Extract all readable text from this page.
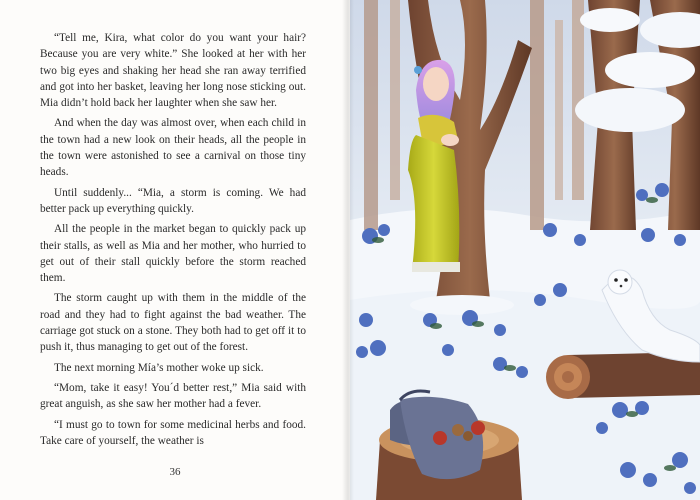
“Tell me, Kira, what color do you want your hair? Because you are very white.” She looked at her with her two big eyes and shaking her head she ran away terrified and got into her basket, leaving her long nose sticking out. Mia didn’t hold back her laughter when she saw her.

And when the day was almost over, when each child in the town had a new look on their heads, all the people in the town were astonished to see a carnival on those tiny heads.

Until suddenly... “Mia, a storm is coming. We had better pack up everything quickly.

All the people in the market began to quickly pack up their stalls, as well as Mia and her mother, who hurried to get out of their stall quickly before the storm reached them.

The storm caught up with them in the middle of the road and they had to fight against the bad weather. The carriage got stuck on a stone. They both had to get off it to push it, thus managing to get out of the forest.

The next morning Mía’s mother woke up sick.

“Mom, take it easy! You´d better rest,” Mia said with great anguish, as she saw her mother had a fever.

“I must go to town for some medicinal herbs and food. Take care of yourself, the weather is

36
